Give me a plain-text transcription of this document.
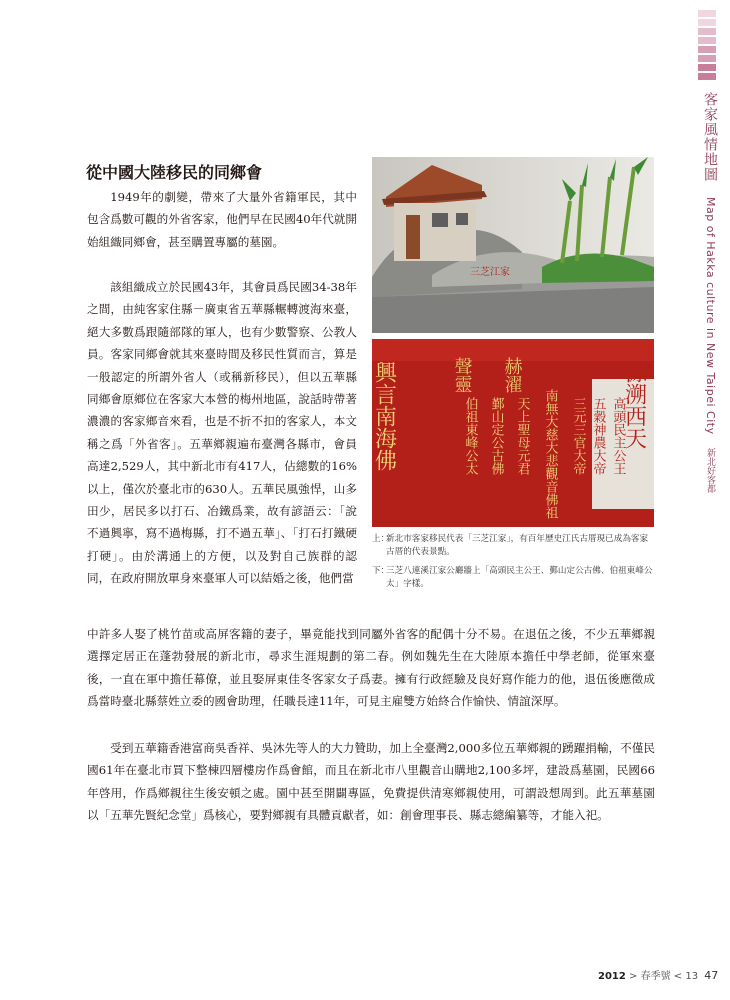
客家風情地圖 Map of Hakka culture in New Taipei City 新北好客都
從中國大陸移民的同鄉會

1949年的劇變，帶來了大量外省籍軍民，其中包含爲數可觀的外省客家，他們早在民國40年代就開始組織同鄉會，甚至購置專屬的墓園。

該組織成立於民國43年，其會員爲民國34-38年之間，由純客家住縣－廣東省五華縣輾轉渡海來臺，絕大多數爲跟隨部隊的軍人，也有少數警察、公教人員。客家同鄉會就其來臺時間及移民性質而言，算是一般認定的所謂外省人（或稱新移民），但以五華縣同鄉會原鄉位在客家大本營的梅州地區，說話時帶著濃濃的客家鄉音來看，也是不折不扣的客家人，本文稱之爲「外省客」。五華鄉親遍布臺灣各縣市，會員高達2,529人，其中新北市有417人，佔總數的16%以上，僅次於臺北市的630人。五華民風強悍，山多田少，居民多以打石、冶鐵爲業，故有諺語云：「說不過興寧，寫不過梅縣，打不過五華」、「打石打鐵硬打硬」。由於溝通上的方便，以及對自己族群的認同，在政府開放單身來臺軍人可以結婚之後，他們當

中許多人娶了桃竹苗或高屏客籍的妻子，畢竟能找到同屬外省客的配偶十分不易。在退伍之後，不少五華鄉親選擇定居正在蓬勃發展的新北市，尋求生涯規劃的第二春。例如魏先生在大陸原本擔任中學老師，從軍來臺後，一直在軍中擔任幕僚，並且娶屏東佳冬客家女子爲妻。擁有行政經驗及良好寫作能力的他，退伍後應徵成爲當時臺北縣蔡姓立委的國會助理，任職長達11年，可見主雇雙方始終合作愉快、情誼深厚。

受到五華籍香港富商吳香祥、吳沐先等人的大力贊助，加上全臺灣2,000多位五華鄉親的踴躍捐輸，不僅民國61年在臺北市買下整棟四層樓房作爲會館，而且在新北市八里觀音山購地2,100多坪，建設爲墓園，民國66年啓用，作爲鄉親往生後安頓之處。園中甚至開闢專區，免費提供清寒鄉親使用，可謂設想周到。此五華墓園以「五華先賢紀念堂」爲核心，要對鄉親有具體貢獻者，如：創會理事長、縣志總編纂等，才能入祀。

三芝江家
源溯西天
赫濯
聲靈
興言南海佛	高頭民主公王
五穀神農大帝
三元三官大帝
南無大慈大悲觀音佛祖
天上聖母元君
鄞山定公古佛
伯祖東峰公太
上：
新北市客家移民代表「三芝江家」，有百年歷史江氏古厝現已成為客家古厝的代表景點。
下：
三芝八連溪江家公廳牆上「高頭民主公王、鄞山定公古佛、伯祖東峰公太」字樣。
2012 > 春季號 < 13 47
